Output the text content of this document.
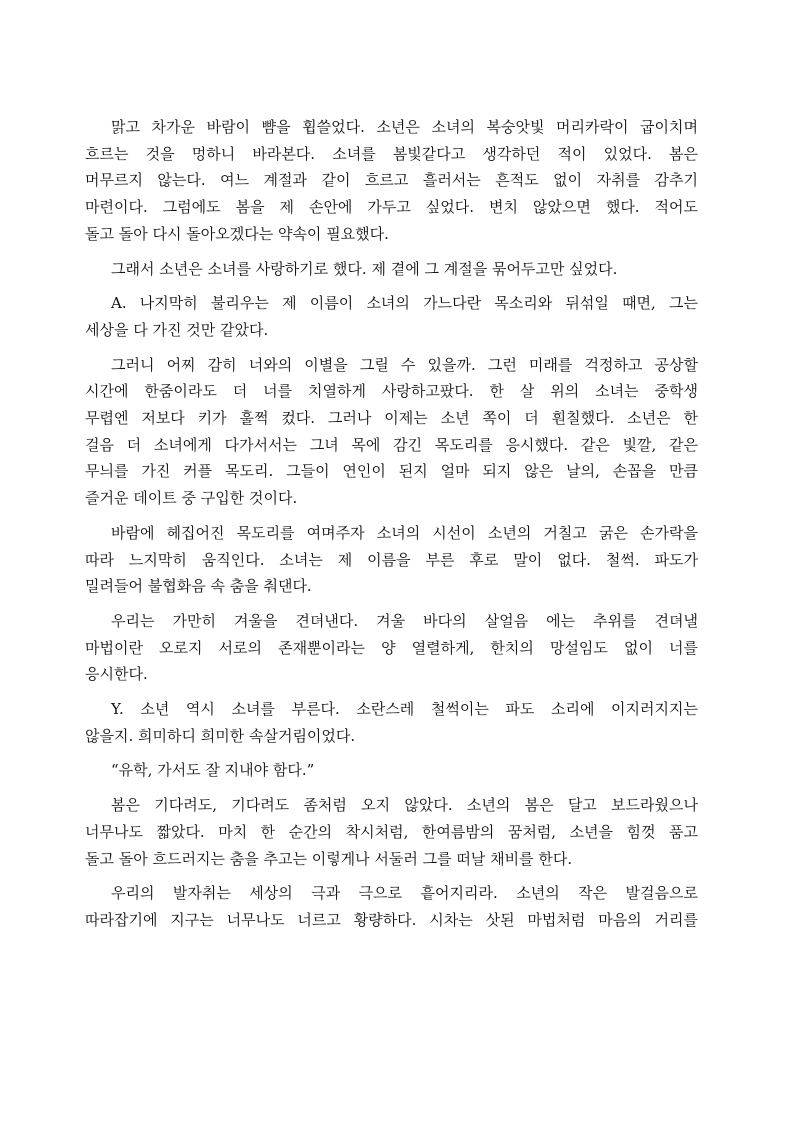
맑고 차가운 바람이 뺨을 휩쓸었다. 소년은 소녀의 복숭앗빛 머리카락이 굽이치며
흐르는 것을 멍하니 바라본다. 소녀를 봄빛같다고 생각하던 적이 있었다. 봄은
머무르지 않는다. 여느 계절과 같이 흐르고 흘러서는 흔적도 없이 자취를 감추기
마련이다. 그럼에도 봄을 제 손안에 가두고 싶었다. 변치 않았으면 했다. 적어도
돌고 돌아 다시 돌아오겠다는 약속이 필요했다.

그래서 소년은 소녀를 사랑하기로 했다. 제 곁에 그 계절을 묶어두고만 싶었다.

A. 나지막히 불리우는 제 이름이 소녀의 가느다란 목소리와 뒤섞일 때면, 그는
세상을 다 가진 것만 같았다.

그러니 어찌 감히 너와의 이별을 그릴 수 있을까. 그런 미래를 걱정하고 공상할
시간에 한줌이라도 더 너를 치열하게 사랑하고팠다. 한 살 위의 소녀는 중학생
무렵엔 저보다 키가 훌쩍 컸다. 그러나 이제는 소년 쪽이 더 훤칠했다. 소년은 한
걸음 더 소녀에게 다가서서는 그녀 목에 감긴 목도리를 응시했다. 같은 빛깔, 같은
무늬를 가진 커플 목도리. 그들이 연인이 된지 얼마 되지 않은 날의, 손꼽을 만큼
즐거운 데이트 중 구입한 것이다.

바람에 헤집어진 목도리를 여며주자 소녀의 시선이 소년의 거칠고 굵은 손가락을
따라 느지막히 움직인다. 소녀는 제 이름을 부른 후로 말이 없다. 철썩. 파도가
밀려들어 불협화음 속 춤을 춰댄다.

우리는 가만히 겨울을 견뎌낸다. 겨울 바다의 살얼음 에는 추위를 견뎌낼
마법이란 오로지 서로의 존재뿐이라는 양 열렬하게, 한치의 망설임도 없이 너를
응시한다.

Y. 소년 역시 소녀를 부른다. 소란스레 철썩이는 파도 소리에 이지러지지는
않을지. 희미하디 희미한 속살거림이었다.

“유학, 가서도 잘 지내야 함다.”

봄은 기다려도, 기다려도 좀처럼 오지 않았다. 소년의 봄은 달고 보드라웠으나
너무나도 짧았다. 마치 한 순간의 착시처럼, 한여름밤의 꿈처럼, 소년을 힘껏 품고
돌고 돌아 흐드러지는 춤을 추고는 이렇게나 서둘러 그를 떠날 채비를 한다.

우리의 발자취는 세상의 극과 극으로 흩어지리라. 소년의 작은 발걸음으로
따라잡기에 지구는 너무나도 너르고 황량하다. 시차는 삿된 마법처럼 마음의 거리를
